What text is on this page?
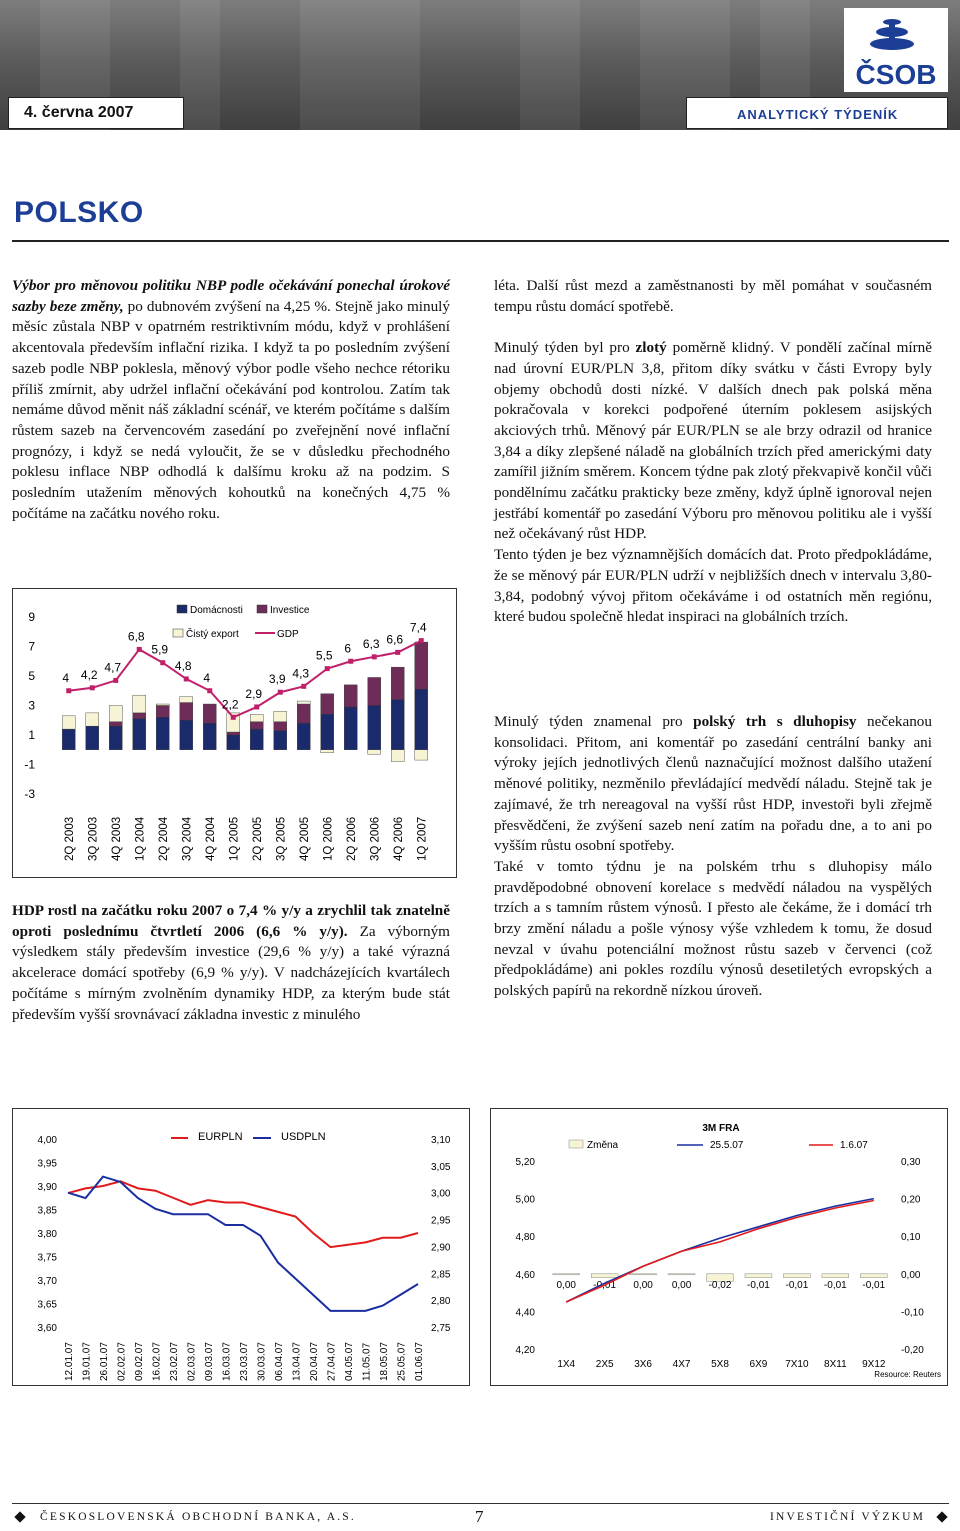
ČSOB
4. června 2007	ANALYTICKÝ TÝDENÍK
POLSKO
Výbor pro měnovou politiku NBP podle očekávání ponechal úrokové sazby beze změny, po dubnovém zvýšení na 4,25 %. Stejně jako minulý měsíc zůstala NBP v opatrném restriktivním módu, když v prohlášení akcentovala především inflační rizika. I když ta po posledním zvýšení sazeb podle NBP poklesla, měnový výbor podle všeho nechce rétoriku příliš zmírnit, aby udržel inflační očekávání pod kontrolou. Zatím tak nemáme důvod měnit náš základní scénář, ve kterém počítáme s dalším růstem sazeb na červencovém zasedání po zveřejnění nové inflační prognózy, i když se nedá vyloučit, že se v důsledku přechodného poklesu inflace NBP odhodlá k dalšímu kroku až na podzim. S posledním utažením měnových kohoutků na konečných 4,75 % počítáme na začátku nového roku.
9
7
5
3
1
-1
-3
2Q 2003 3Q 2003 4Q 2003 1Q 2004 2Q 2004 3Q 2004 4Q 2004 1Q 2005 2Q 2005 3Q 2005 4Q 2005 1Q 2006 2Q 2006 3Q 2006 4Q 2006 1Q 2007
4 4,2
4,7
6,8
5,9
4,8
4
2,2
2,9
3,9 4,3
5,5
6 6,3 6,6
7,4
Domácnosti	Investice
Čistý export	GDP
HDP rostl na začátku roku 2007 o 7,4 % y/y a zrychlil tak znatelně oproti poslednímu čtvrtletí 2006 (6,6 % y/y). Za výborným výsledkem stály především investice (29,6 % y/y) a také výrazná akcelerace domácí spotřeby (6,9 % y/y). V nadcházejících kvartálech počítáme s mírným zvolněním dynamiky HDP, za kterým bude stát především vyšší srovnávací základna investic z minulého

léta. Další růst mezd a zaměstnanosti by měl pomáhat v současném tempu růstu domácí spotřebě.

Minulý týden byl pro zlotý poměrně klidný. V pondělí začínal mírně nad úrovní EUR/PLN 3,8, přitom díky svátku v části Evropy byly objemy obchodů dosti nízké. V dalších dnech pak polská měna pokračovala v korekci podpořené úterním poklesem asijských akciových trhů. Měnový pár EUR/PLN se ale brzy odrazil od hranice 3,84 a díky zlepšené náladě na globálních trzích před americkými daty zamířil jižním směrem. Koncem týdne pak zlotý překvapivě končil vůči pondělnímu začátku prakticky beze změny, když úplně ignoroval nejen jestřábí komentář po zasedání Výboru pro měnovou politiku ale i vyšší než očekávaný růst HDP.

Tento týden je bez významnějších domácích dat. Proto předpokládáme, že se měnový pár EUR/PLN udrží v nejbližších dnech v intervalu 3,80-3,84, podobný vývoj přitom očekáváme i od ostatních měn regiónu, které budou společně hledat inspiraci na globálních trzích.

Minulý týden znamenal pro polský trh s dluhopisy nečekanou konsolidaci. Přitom, ani komentář po zasedání centrální banky ani výroky jejích jednotlivých členů naznačující možnost dalšího utažení měnové politiky, nezměnilo převládající medvědí náladu. Stejně tak je zajímavé, že trh nereagoval na vyšší růst HDP, investoři byli zřejmě přesvědčeni, že zvýšení sazeb není zatím na pořadu dne, a to ani po vyšším růstu osobní spotřeby.

Také v tomto týdnu je na polském trhu s dluhopisy málo pravděpodobné obnovení korelace s medvědí náladou na vyspělých trzích a s tamním růstem výnosů. I přesto ale čekáme, že i domácí trh brzy změní náladu a pošle výnosy výše vzhledem k tomu, že dosud nevzal v úvahu potenciální možnost růstu sazeb v červenci (což předpokládáme) ani pokles rozdílu výnosů desetiletých evropských a polských papírů na rekordně nízkou úroveň.

4,00
3,95
3,90
3,85
3,80
3,75
3,70
3,65
3,60
3,10
3,05
3,00
2,95
2,90
2,85
2,80
2,75
12.01.07 19.01.07 26.01.07 02.02.07 09.02.07 16.02.07 23.02.07 02.03.07 09.03.07 16.03.07 23.03.07 30.03.07 06.04.07 13.04.07 20.04.07 27.04.07 04.05.07 11.05.07 18.05.07 25.05.07 01.06.07
EURPLN	USDPLN
3M FRA
5,20
5,00
4,80
4,60
4,40
4,20
0,30
0,20
0,10
0,00
-0,10
-0,20
0,00
1X4
-0,01
2X5
0,00
3X6
0,00
4X7
-0,02
5X8
-0,01
6X9
-0,01
7X10
-0,01
8X11
-0,01
9X12
Změna	25.5.07	1.6.07
Resource: Reuters
ČESKOSLOVENSKÁ OBCHODNÍ BANKA, A.S.	7	INVESTIČNÍ VÝZKUM
